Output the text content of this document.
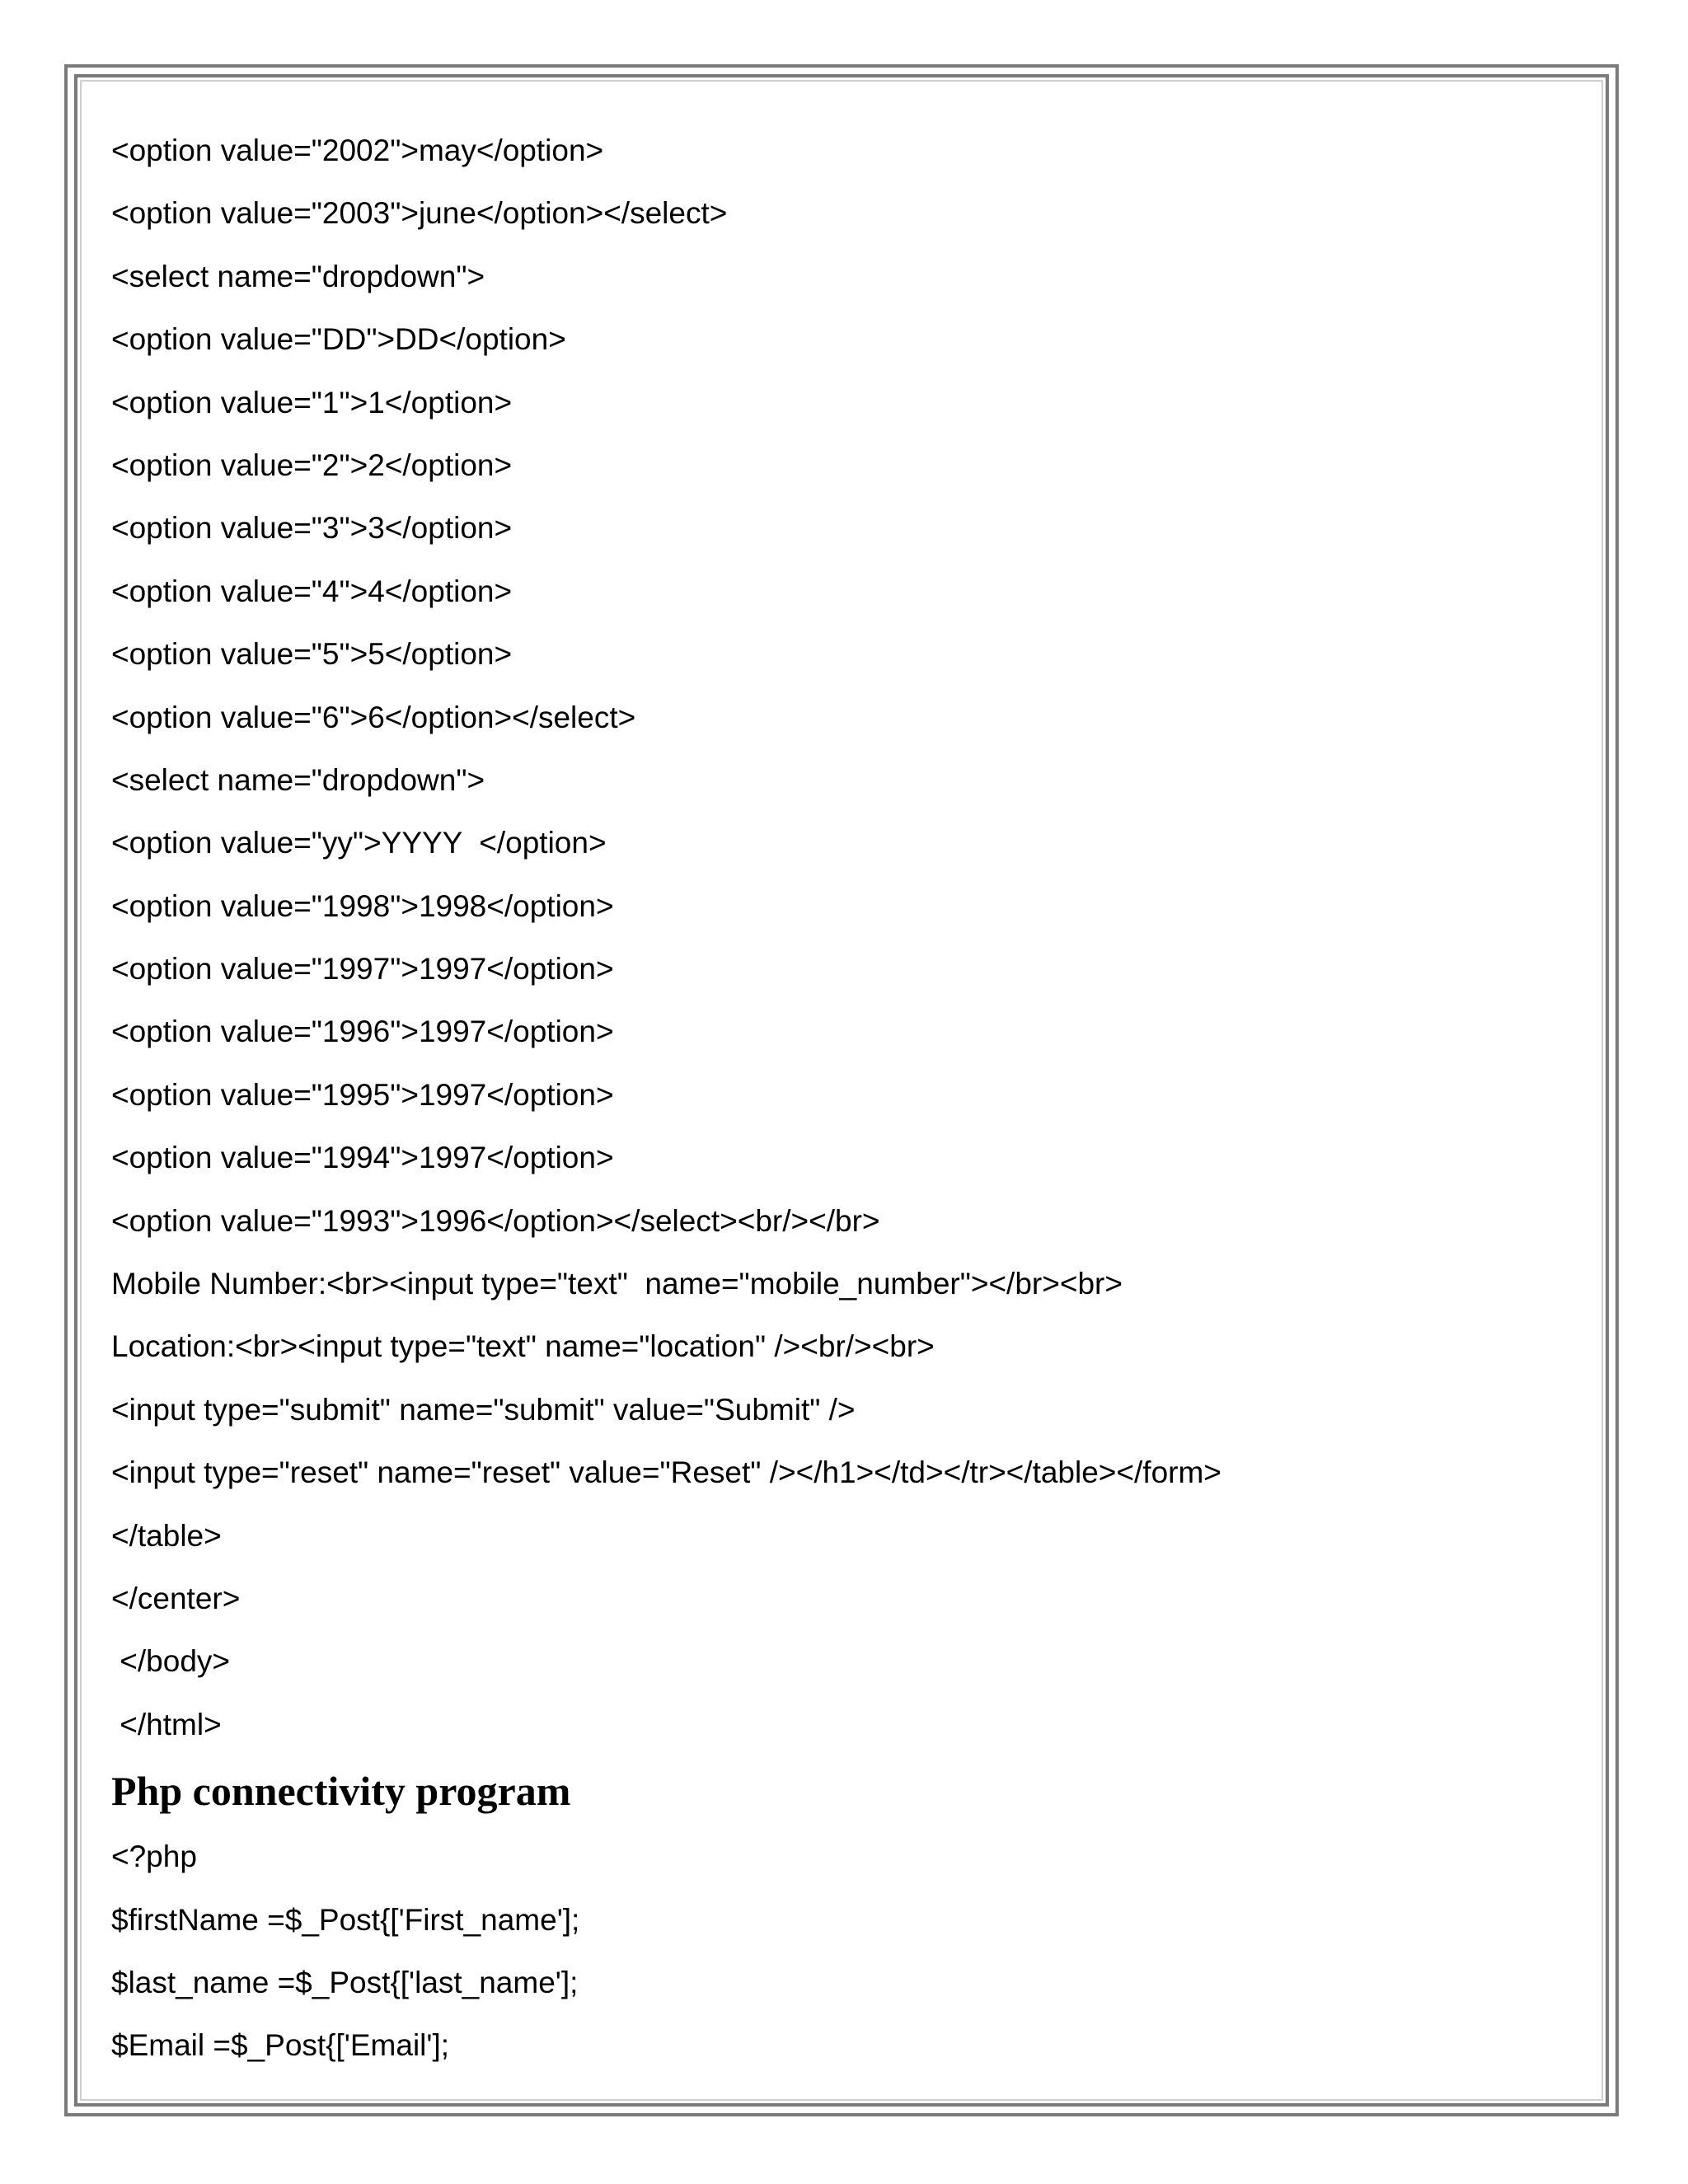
<option value="2002">may</option>

<option value="2003">june</option></select>

<select name="dropdown">

<option value="DD">DD</option>

<option value="1">1</option>

<option value="2">2</option>

<option value="3">3</option>

<option value="4">4</option>

<option value="5">5</option>

<option value="6">6</option></select>

<select name="dropdown">

<option value="yy">YYYY  </option>

<option value="1998">1998</option>

<option value="1997">1997</option>

<option value="1996">1997</option>

<option value="1995">1997</option>

<option value="1994">1997</option>

<option value="1993">1996</option></select><br/></br>

Mobile Number:<br><input type="text"  name="mobile_number"></br><br>

Location:<br><input type="text" name="location" /><br/><br>

<input type="submit" name="submit" value="Submit" />

<input type="reset" name="reset" value="Reset" /></h1></td></tr></table></form>

</table>

</center>

</body>

</html>

Php connectivity program

<?php

$firstName =$_Post{['First_name'];

$last_name =$_Post{['last_name'];

$Email =$_Post{['Email'];
